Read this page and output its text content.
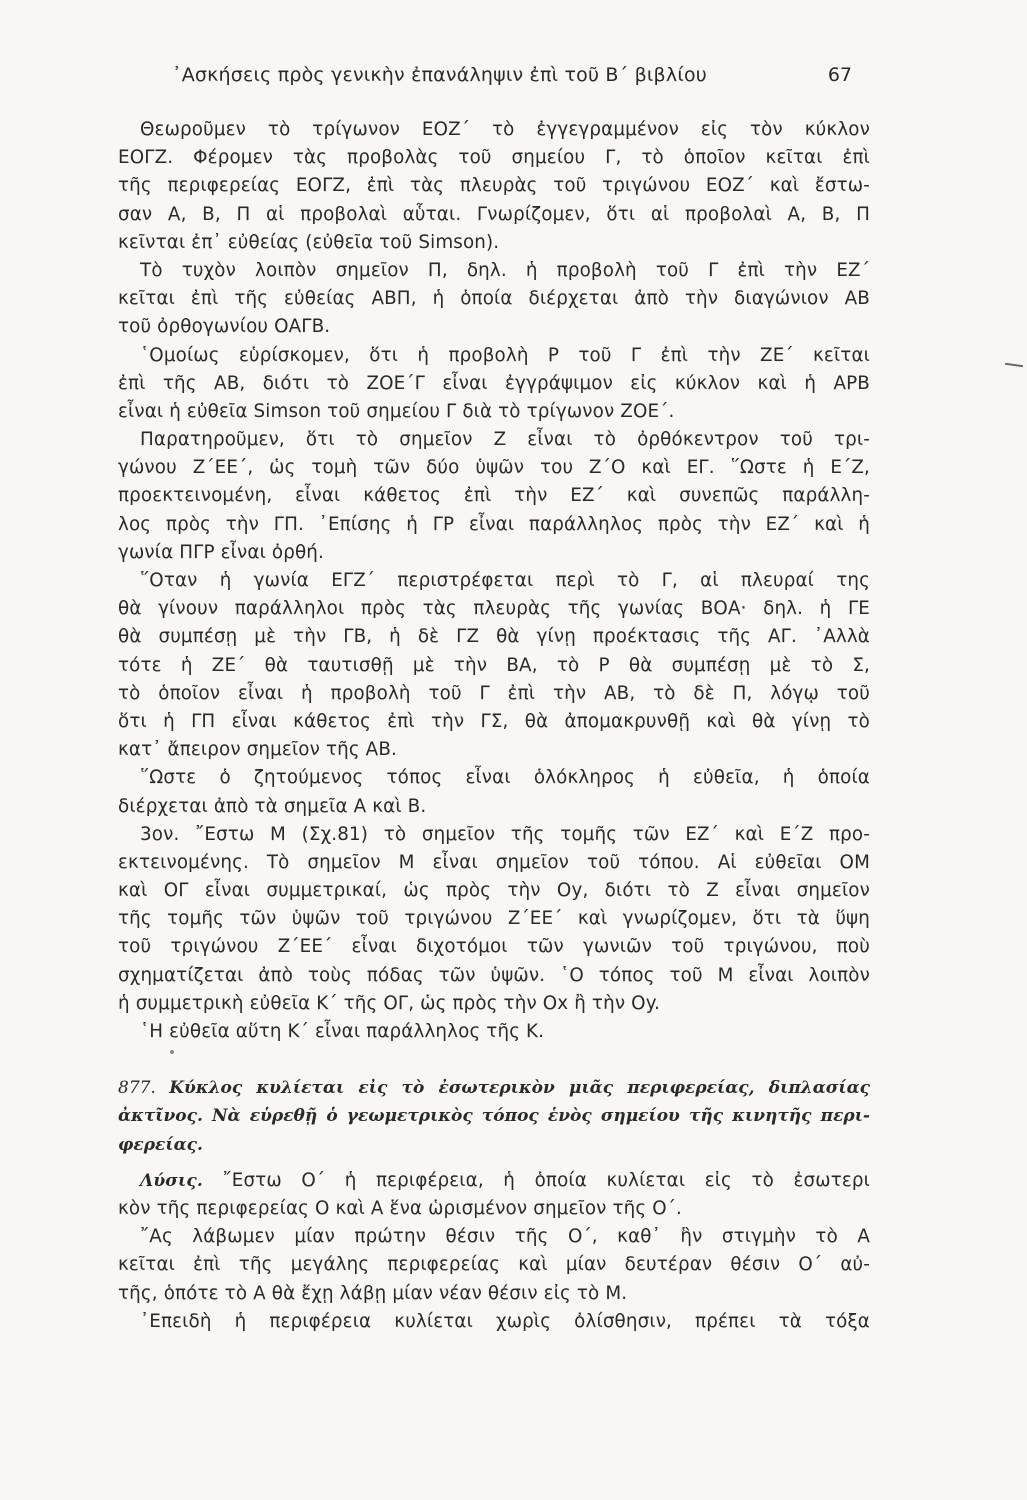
᾿Ασκήσεις πρὸς γενικὴν ἐπανάληψιν ἐπὶ τοῦ Β΄ βιβλίου	67
Θεωροῦμεν τὸ τρίγωνον ΕΟΖ΄ τὸ ἐγγεγραμμένον εἰς τὸν κύκλον
ΕΟΓΖ. Φέρομεν τὰς προβολὰς τοῦ σημείου Γ, τὸ ὁποῖον κεῖται ἐπὶ
τῆς περιφερείας ΕΟΓΖ, ἐπὶ τὰς πλευρὰς τοῦ τριγώνου ΕΟΖ΄ καὶ ἔστω-
σαν Α, Β, Π αἱ προβολαὶ αὗται. Γνωρίζομεν, ὅτι αἱ προβολαὶ Α, Β, Π
κεῖνται ἐπ᾿ εὐθείας (εὐθεῖα τοῦ Simson).
Τὸ τυχὸν λοιπὸν σημεῖον Π, δηλ. ἡ προβολὴ τοῦ Γ ἐπὶ τὴν ΕΖ΄
κεῖται ἐπὶ τῆς εὐθείας ΑΒΠ, ἡ ὁποία διέρχεται ἀπὸ τὴν διαγώνιον ΑΒ
τοῦ ὀρθογωνίου ΟΑΓΒ.
῾Ομοίως εὑρίσκομεν, ὅτι ἡ προβολὴ Ρ τοῦ Γ ἐπὶ τὴν ΖΕ΄ κεῖται
ἐπὶ τῆς ΑΒ, διότι τὸ ΖΟΕ΄Γ εἶναι ἐγγράψιμον εἰς κύκλον καὶ ἡ ΑΡΒ
εἶναι ἡ εὐθεῖα Simson τοῦ σημείου Γ διὰ τὸ τρίγωνον ΖΟΕ΄.
Παρατηροῦμεν, ὅτι τὸ σημεῖον Ζ εἶναι τὸ ὀρθόκεντρον τοῦ τρι-
γώνου Ζ΄ΕΕ΄, ὡς τομὴ τῶν δύο ὑψῶν του Ζ΄Ο καὶ ΕΓ. ῞Ωστε ἡ Ε΄Ζ,
προεκτεινομένη, εἶναι κάθετος ἐπὶ τὴν ΕΖ΄ καὶ συνεπῶς παράλλη-
λος πρὸς τὴν ΓΠ. ᾿Επίσης ἡ ΓΡ εἶναι παράλληλος πρὸς τὴν ΕΖ΄ καὶ ἡ
γωνία ΠΓΡ εἶναι ὀρθή.
῞Οταν ἡ γωνία ΕΓΖ΄ περιστρέφεται περὶ τὸ Γ, αἱ πλευραί της
θὰ γίνουν παράλληλοι πρὸς τὰς πλευρὰς τῆς γωνίας ΒΟΑ· δηλ. ἡ ΓΕ
θὰ συμπέσῃ μὲ τὴν ΓΒ, ἡ δὲ ΓΖ θὰ γίνῃ προέκτασις τῆς ΑΓ. ᾿Αλλὰ
τότε ἡ ΖΕ΄ θὰ ταυτισθῇ μὲ τὴν ΒΑ, τὸ Ρ θὰ συμπέσῃ μὲ τὸ Σ,
τὸ ὁποῖον εἶναι ἡ προβολὴ τοῦ Γ ἐπὶ τὴν ΑΒ, τὸ δὲ Π, λόγῳ τοῦ
ὅτι ἡ ΓΠ εἶναι κάθετος ἐπὶ τὴν ΓΣ, θὰ ἀπομακρυνθῇ καὶ θὰ γίνῃ τὸ
κατ᾿ ἄπειρον σημεῖον τῆς ΑΒ.
῞Ωστε ὁ ζητούμενος τόπος εἶναι ὁλόκληρος ἡ εὐθεῖα, ἡ ὁποία
διέρχεται ἀπὸ τὰ σημεῖα Α καὶ Β.
3ον. ῎Εστω Μ (Σχ.81) τὸ σημεῖον τῆς τομῆς τῶν ΕΖ΄ καὶ Ε΄Ζ προ-
εκτεινομένης. Τὸ σημεῖον Μ εἶναι σημεῖον τοῦ τόπου. Αἱ εὐθεῖαι ΟΜ
καὶ ΟΓ εἶναι συμμετρικαί, ὡς πρὸς τὴν Οy, διότι τὸ Ζ εἶναι σημεῖον
τῆς τομῆς τῶν ὑψῶν τοῦ τριγώνου Ζ΄ΕΕ΄ καὶ γνωρίζομεν, ὅτι τὰ ὕψη
τοῦ τριγώνου Ζ΄ΕΕ΄ εἶναι διχοτόμοι τῶν γωνιῶν τοῦ τριγώνου, ποὺ
σχηματίζεται ἀπὸ τοὺς πόδας τῶν ὑψῶν. ῾Ο τόπος τοῦ Μ εἶναι λοιπὸν
ἡ συμμετρικὴ εὐθεῖα Κ΄ τῆς ΟΓ, ὡς πρὸς τὴν Οx ἢ τὴν Οy.
῾Η εὐθεῖα αὕτη Κ΄ εἶναι παράλληλος τῆς Κ.
877. Κύκλος κυλίεται εἰς τὸ ἐσωτερικὸν μιᾶς περιφερείας, διπλασίας
ἀκτῖνος. Νὰ εὑρεθῇ ὁ γεωμετρικὸς τόπος ἑνὸς σημείου τῆς κινητῆς περι-
φερείας.
Λύσις. ῎Εστω Ο΄ ἡ περιφέρεια, ἡ ὁποία κυλίεται εἰς τὸ ἐσωτερι
κὸν τῆς περιφερείας Ο καὶ Α ἕνα ὡρισμένον σημεῖον τῆς Ο΄.
῎Ας λάβωμεν μίαν πρώτην θέσιν τῆς Ο΄, καθ᾿ ἣν στιγμὴν τὸ Α
κεῖται ἐπὶ τῆς μεγάλης περιφερείας καὶ μίαν δευτέραν θέσιν Ο΄ αὐ-
τῆς, ὁπότε τὸ Α θὰ ἔχῃ λάβῃ μίαν νέαν θέσιν εἰς τὸ Μ.
᾿Επειδὴ ἡ περιφέρεια κυλίεται χωρὶς ὀλίσθησιν, πρέπει τὰ τόξα
